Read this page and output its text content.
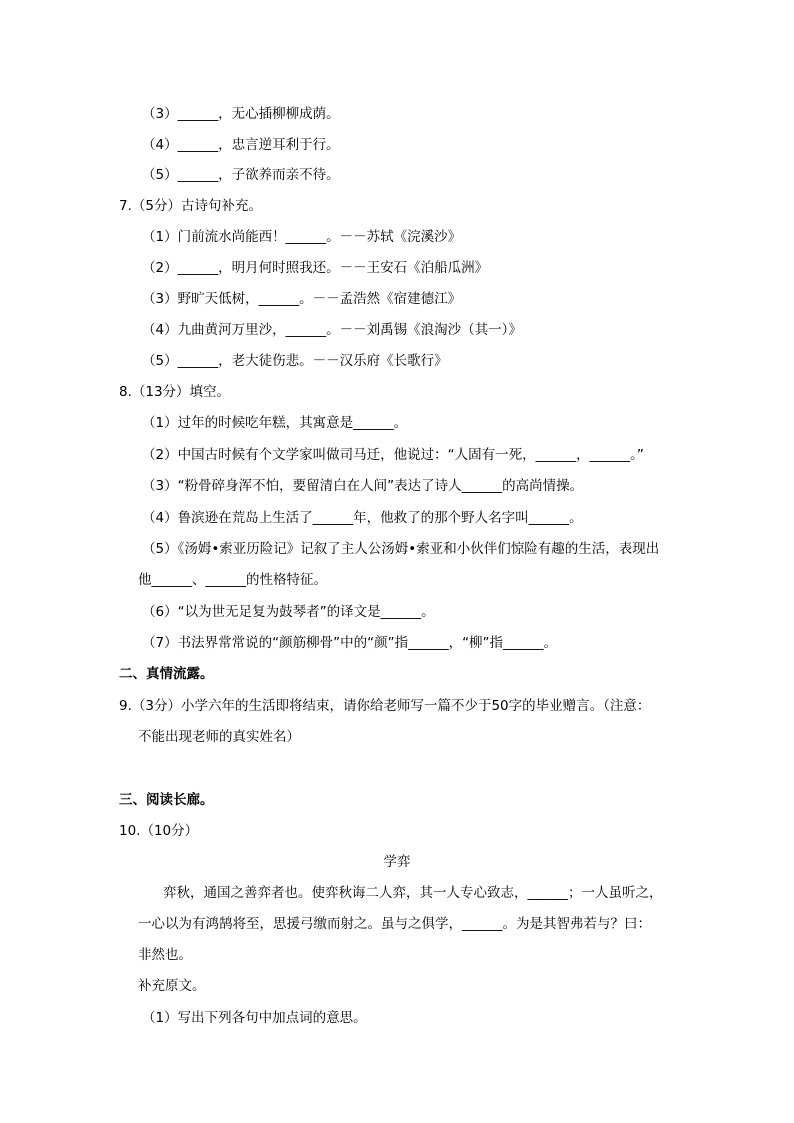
（3）______，无心插柳柳成荫。
（4）______，忠言逆耳利于行。
（5）______，子欲养而亲不待。
7.（5分）古诗句补充。
（1）门前流水尚能西！______。－－苏轼《浣溪沙》
（2）______，明月何时照我还。－－王安石《泊船瓜洲》
（3）野旷天低树，______。－－孟浩然《宿建德江》
（4）九曲黄河万里沙，______。－－刘禹锡《浪淘沙（其一）》
（5）______，老大徒伤悲。－－汉乐府《长歌行》
8.（13分）填空。
（1）过年的时候吃年糕，其寓意是______。
（2）中国古时候有个文学家叫做司马迁，他说过：“人固有一死，______，______。”
（3）“粉骨碎身浑不怕，要留清白在人间”表达了诗人______的高尚情操。
（4）鲁滨逊在荒岛上生活了______年，他救了的那个野人名字叫______。
（5）《汤姆•索亚历险记》记叙了主人公汤姆•索亚和小伙伴们惊险有趣的生活，表现出
他______、______的性格特征。
（6）“以为世无足复为鼓琴者”的译文是______。
（7）书法界常常说的“颜筋柳骨”中的“颜”指______，“柳”指______。
二、真情流露。
9.（3分）小学六年的生活即将结束，请你给老师写一篇不少于50字的毕业赠言。（注意：
不能出现老师的真实姓名）
三、阅读长廊。
10.（10分）
学弈
弈秋，通国之善弈者也。使弈秋诲二人弈，其一人专心致志，______；一人虽听之，
一心以为有鸿鹄将至，思援弓缴而射之。虽与之俱学，______。为是其智弗若与？曰：
非然也。
补充原文。
（1）写出下列各句中加点词的意思。
